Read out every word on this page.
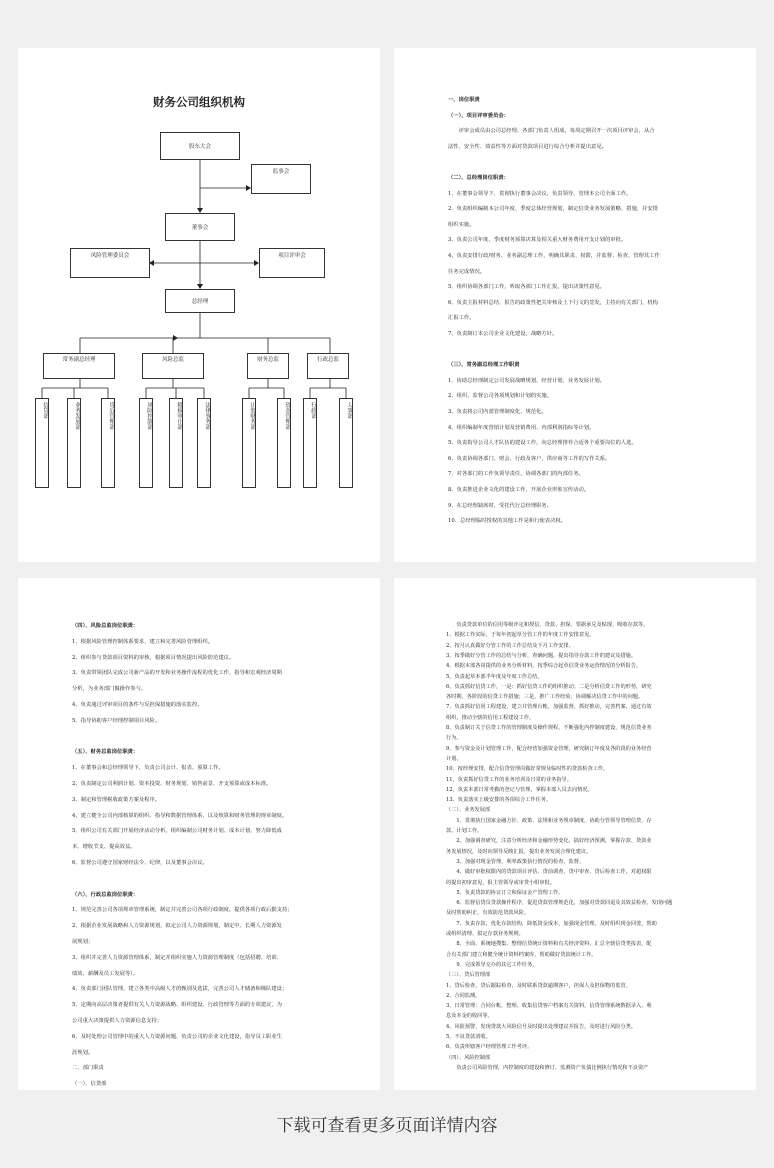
财务公司组织机构
股东大会
监事会
董事会
风险管理委员会	项目评审会
总经理
常务副总经理	风险总监	财务总监	行政总监
信贷部	业务发展部	贷后管理部	风险控制部	稽核审计部	法律事务部	计划财务部	资金管理部	行政部	人事部
一、岗位职责
（一）、项目评审委员会：
　　评审会成员由公司总经理、各部门负责人组成，每周定期召开一次项目评审会，从合
法性、安全性、效益性等方面对贷款项目进行综合分析并提出意见。
（二）、总经理岗位职责：
1、在董事会领导下，贯彻执行董事会决议，负责领导、管理本公司全面工作。
2、负责组织编制本公司年度、季度总体经营规划，制定信贷业务发展策略、措施，并安排
组织实施。
3、负责公司年度、季度财务预算决算及相关重大财务费用开支计划的审批。
4、负责安排行政/财务、业务副总理工作，明确其职责、权限，并监督、检查、管理其工作
任务完成情况。
5、组织协调各部门工作，听取各部门工作汇报，提出决策性意见。
6、负责主报材料总结、报告的政策性把关审核及上下行文的签发，主持向有关部门、机构
汇报工作。
7、负责制订本公司企业文化建设，战略方针。
（三）、常务副总经理工作职责
1、协助总经理制定公司发展战略规划，经营计划、业务发展计划。
2、组织、监督公司各项规划和计划的实施。
3、负责将公司内部管理制度化、规范化。
4、组织编制年度营销计划及营销费用、内部利润指标等计划。
5、负责指导公司人才队伍的建设工作，向总经理推荐合适各个重要岗位的人选。
6、负责协调各部门、财会、行政及客户，供应商等工作的写作关系。
7、对各部门的工作负领导责任，协调各部门的内部任务。
8、负责推进企业文化的建设工作，开展企业形象宣传活动。
9、在总经理缺席时，受托代行总经理职务。
10、总经理临时授权的其他工作是和行使表决权。
（四）、风险总监岗位职责：
1、根据风险管理控制体系要求，建立和完善风险管理组织。
2、组织参与贷款项目资料的审核，根据项目情况提出风险防范建议。
3、负责带领团队完成公司新产品的开发和业务操作流程的优化工作，指导和宏观经济周期
分析，为业务部门做操作参与。
4、负责通过评审项目的条件与反担保措施的落实监控。
5、指导协助客户经理控制项目风险。
（五）、财务总监岗位职责：
1、在董事会和总经理领导下，负责公司会计、报表、预算工作。
2、负责制定公司利润计划、资本投资、财务规划、销售前景、开支预算或成本标准。
3、制定和管理税收政策方案及程序。
4、建立健全公司内部核算的组织、指导和数据管理体系，以及核算和财务管理的规章制度。
5、组织公司有关部门开展经济活动分析，组织编制公司财务计划、成本计划、努力降低成
本、增收节支、提高效益。
6、监督公司遵守国家财经法令、纪律，以及董事会决议。
（六）、行政总监岗位职责：
1、规范完善公司各项规章管理系统，制定并完善公司各项行政制度，提供各项行政后勤支持；
2、根据企业发展战略和人力资源规划，拟定公司人力资源规划，制定中、长期人力资源发
展规划；
3、组织并完善人力资源管理体系，制定并组织实施人力资源管理制度（包括招聘、培训、
绩效、薪酬及员工发展等）。
4、负责部门团队管理，建立各类中高级人才的甄别及选拔，完善公司人才储备和梯队建设；
5、定期向高层决策者提供有关人力资源战略、组织建设、行政管理等方面的专项建议，为
公司重大决策提供人力资源信息支持；
6、及时处理公司管理中的重大人力资源问题、负责公司的企业文化建设，指导员工职业生
涯规划。
二、部门职责
（一）、信贷部
　　负责贷款单位的信用等级评定和授信、贷款、担保、票据承兑及贴现、吸收存款等。
1、根据工作实际，于每年初起草分管工作的年度工作安排意见。
2、按月认真做好分管工作的工作总结及下月工作安排。
3、按季做好分管工作的总结与分析，查确问题，提出指导存款工作的建议及措施。
4、根据本部各岗提供的业务分析材料，按季综合起草信贷业务运营情况的分析报告。
5、负责起草本部半年度及年度工作总结。
6、负责抓好信贷工作，一是：抓好信贷工作的组织推动；二是分析信贷工作的形势，研究
各时期、各阶段的信贷工作措施；三是，推广工作经验，协调解决信贷工作中的问题。
7、负责抓好信用工程建设，建立并管理台帐，加强监督，抓好推动，完善档案，通过有效
组织，推动全辖的信用工程建设工作。
8、负责制订关于信贷工作的管理制度及操作规程，不断强化内控制度建设，规范信贷业务
行为。
9、参与资金及计划管理工作，配合经营加强资金管理，研究制订年度及各阶段的业务经营
计划。
10、按经理安排，配合信贷管理岗做好常规及临时性的贷款检查工作。
11、负责抓好信贷工作的业务培训及日常的业务指导。
12、负责本部日常考勤的登记与管理，掌握本部人员去向情况。
13、负责落实上级安排的各项综合工作任务。
（二）、业务发展部
　　1、贯彻执行国家金融方针、政策、法规和业务规章制度，协助分管领导管理信贷、存
款、计划工作。
　　2、加强调查研究，注意分析经济和金融形势变化，搞好经济预测，掌握存款、贷款业
务发展情况，及时向领导反映汇报，提出业务发展合理化建议。
　　3、加强对现金管理，利率政策执行情况的检查、监督。
　　4、做好审批权限内的贷款项目评估、贷前调查，贷中审查，贷后检查工作，对超权限
的提出初审意见，报主管领导或审贷小组审批。
　　5、负责贷款的协议订立和保证金产管理工作。
　　6、监督信贷员贷款操作程序，促进贷款管理规范化，加强对贷款回退及其效益检查，发现问题
及时帮助纠正，有效防范贷款风险。
　　7、负责存款，优化存款结构，降低资金成本，加强现金管理，及时组织现金回笼，帮助
或组织清理、拟定存款业务规则。
　　8、全面、系统地搜集、整理信贷统计资料和有关经济资料，汇总全辖信贷类报表，配
合有关部门建立和健全统计资料档案库，帮助做好贷款统计工作。
　　9、完成领导交办的其它工作任务。
（三）、贷后管理部
1、贷后检查，贷后跟踪检查，及时联系贷款逾期客户，担保人及担保物的监管。
2、合同监测。
3、日常管理：合同台帐，整理、收集信贷客户档案有关资料，信贷管理系统数据录入，利
息及本金的收回等。
4、风险预警，发现贷款大风险信号及时提出处理建议并报告，及时进行风险分类。
5、不良贷款清收。
6、负责所辖客户经理管理工作考评。
（四）、风险控制部
　　负责公司风险管理，内控制度的建设和修订，监测资产负债比例执行情况和不良资产
下载可查看更多页面详情内容
